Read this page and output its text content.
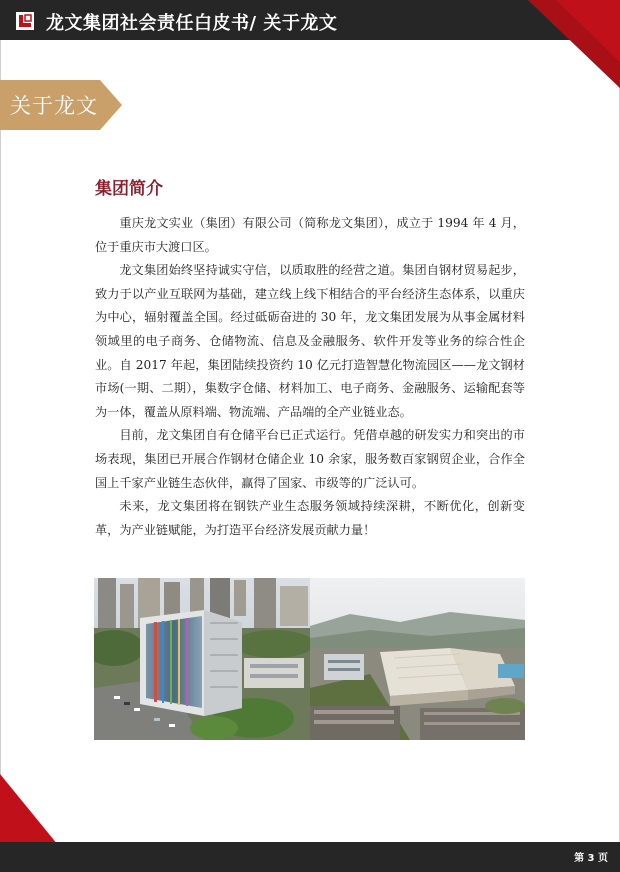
龙文集团社会责任白皮书/ 关于龙文
关于龙文
集团简介

重庆龙文实业（集团）有限公司（简称龙文集团），成立于 1994 年 4 月，位于重庆市大渡口区。

龙文集团始终坚持诚实守信，以质取胜的经营之道。集团自钢材贸易起步，致力于以产业互联网为基础，建立线上线下相结合的平台经济生态体系，以重庆为中心，辐射覆盖全国。经过砥砺奋进的 30 年，龙文集团发展为从事金属材料领域里的电子商务、仓储物流、信息及金融服务、软件开发等业务的综合性企业。自 2017 年起，集团陆续投资约 10 亿元打造智慧化物流园区——龙文钢材市场(一期、二期），集数字仓储、材料加工、电子商务、金融服务、运输配套等为一体，覆盖从原料端、物流端、产品端的全产业链业态。

目前，龙文集团自有仓储平台已正式运行。凭借卓越的研发实力和突出的市场表现，集团已开展合作钢材仓储企业 10 余家，服务数百家钢贸企业，合作全国上千家产业链生态伙伴，赢得了国家、市级等的广泛认可。

未来，龙文集团将在钢铁产业生态服务领域持续深耕，不断优化，创新变革，为产业链赋能，为打造平台经济发展贡献力量！

第 3 页
